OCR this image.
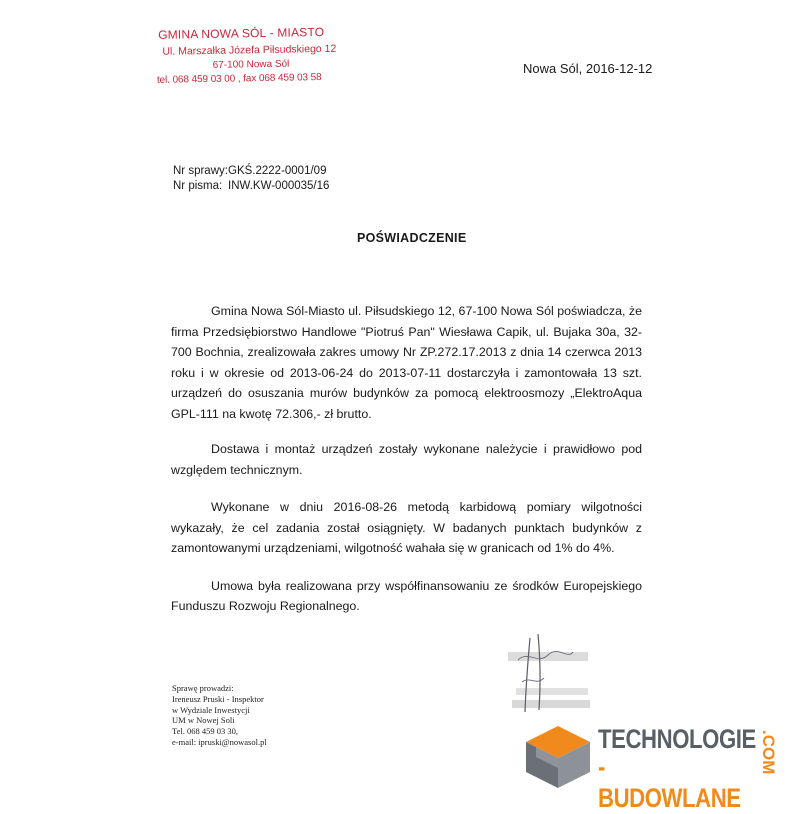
GMINA NOWA SÓL - MIASTO
Ul. Marszałka Józefa Piłsudskiego 12
67-100 Nowa Sól
tel. 068 459 03 00 , fax 068 459 03 58
Nowa Sól, 2016-12-12
Nr sprawy:GKŚ.2222-0001/09
Nr pisma: INW.KW-000035/16
POŚWIADCZENIE

Gmina Nowa Sól-Miasto ul. Piłsudskiego 12, 67-100 Nowa Sól poświadcza, że firma Przedsiębiorstwo Handlowe "Piotruś Pan" Wiesława Capik, ul. Bujaka 30a, 32-700 Bochnia, zrealizowała zakres umowy Nr ZP.272.17.2013 z dnia 14 czerwca 2013 roku i w okresie od 2013-06-24 do 2013-07-11 dostarczyła i zamontowała 13 szt. urządzeń do osuszania murów budynków za pomocą elektroosmozy „ElektroAqua GPL-111 na kwotę 72.306,- zł brutto.

Dostawa i montaż urządzeń zostały wykonane należycie i prawidłowo pod względem technicznym.

Wykonane w dniu 2016-08-26 metodą karbidową pomiary wilgotności wykazały, że cel zadania został osiągnięty. W badanych punktach budynków z zamontowanymi urządzeniami, wilgotność wahała się w granicach od 1% do 4%.

Umowa była realizowana przy współfinansowaniu ze środków Europejskiego Funduszu Rozwoju Regionalnego.

Sprawę prowadzi:
Ireneusz Pruski - Inspektor
w Wydziale Inwestycji
UM w Nowej Soli
Tel. 068 459 03 30,
e-mail: ipruski@nowasol.pl	TECHNOLOGIE
-BUDOWLANE
.COM
